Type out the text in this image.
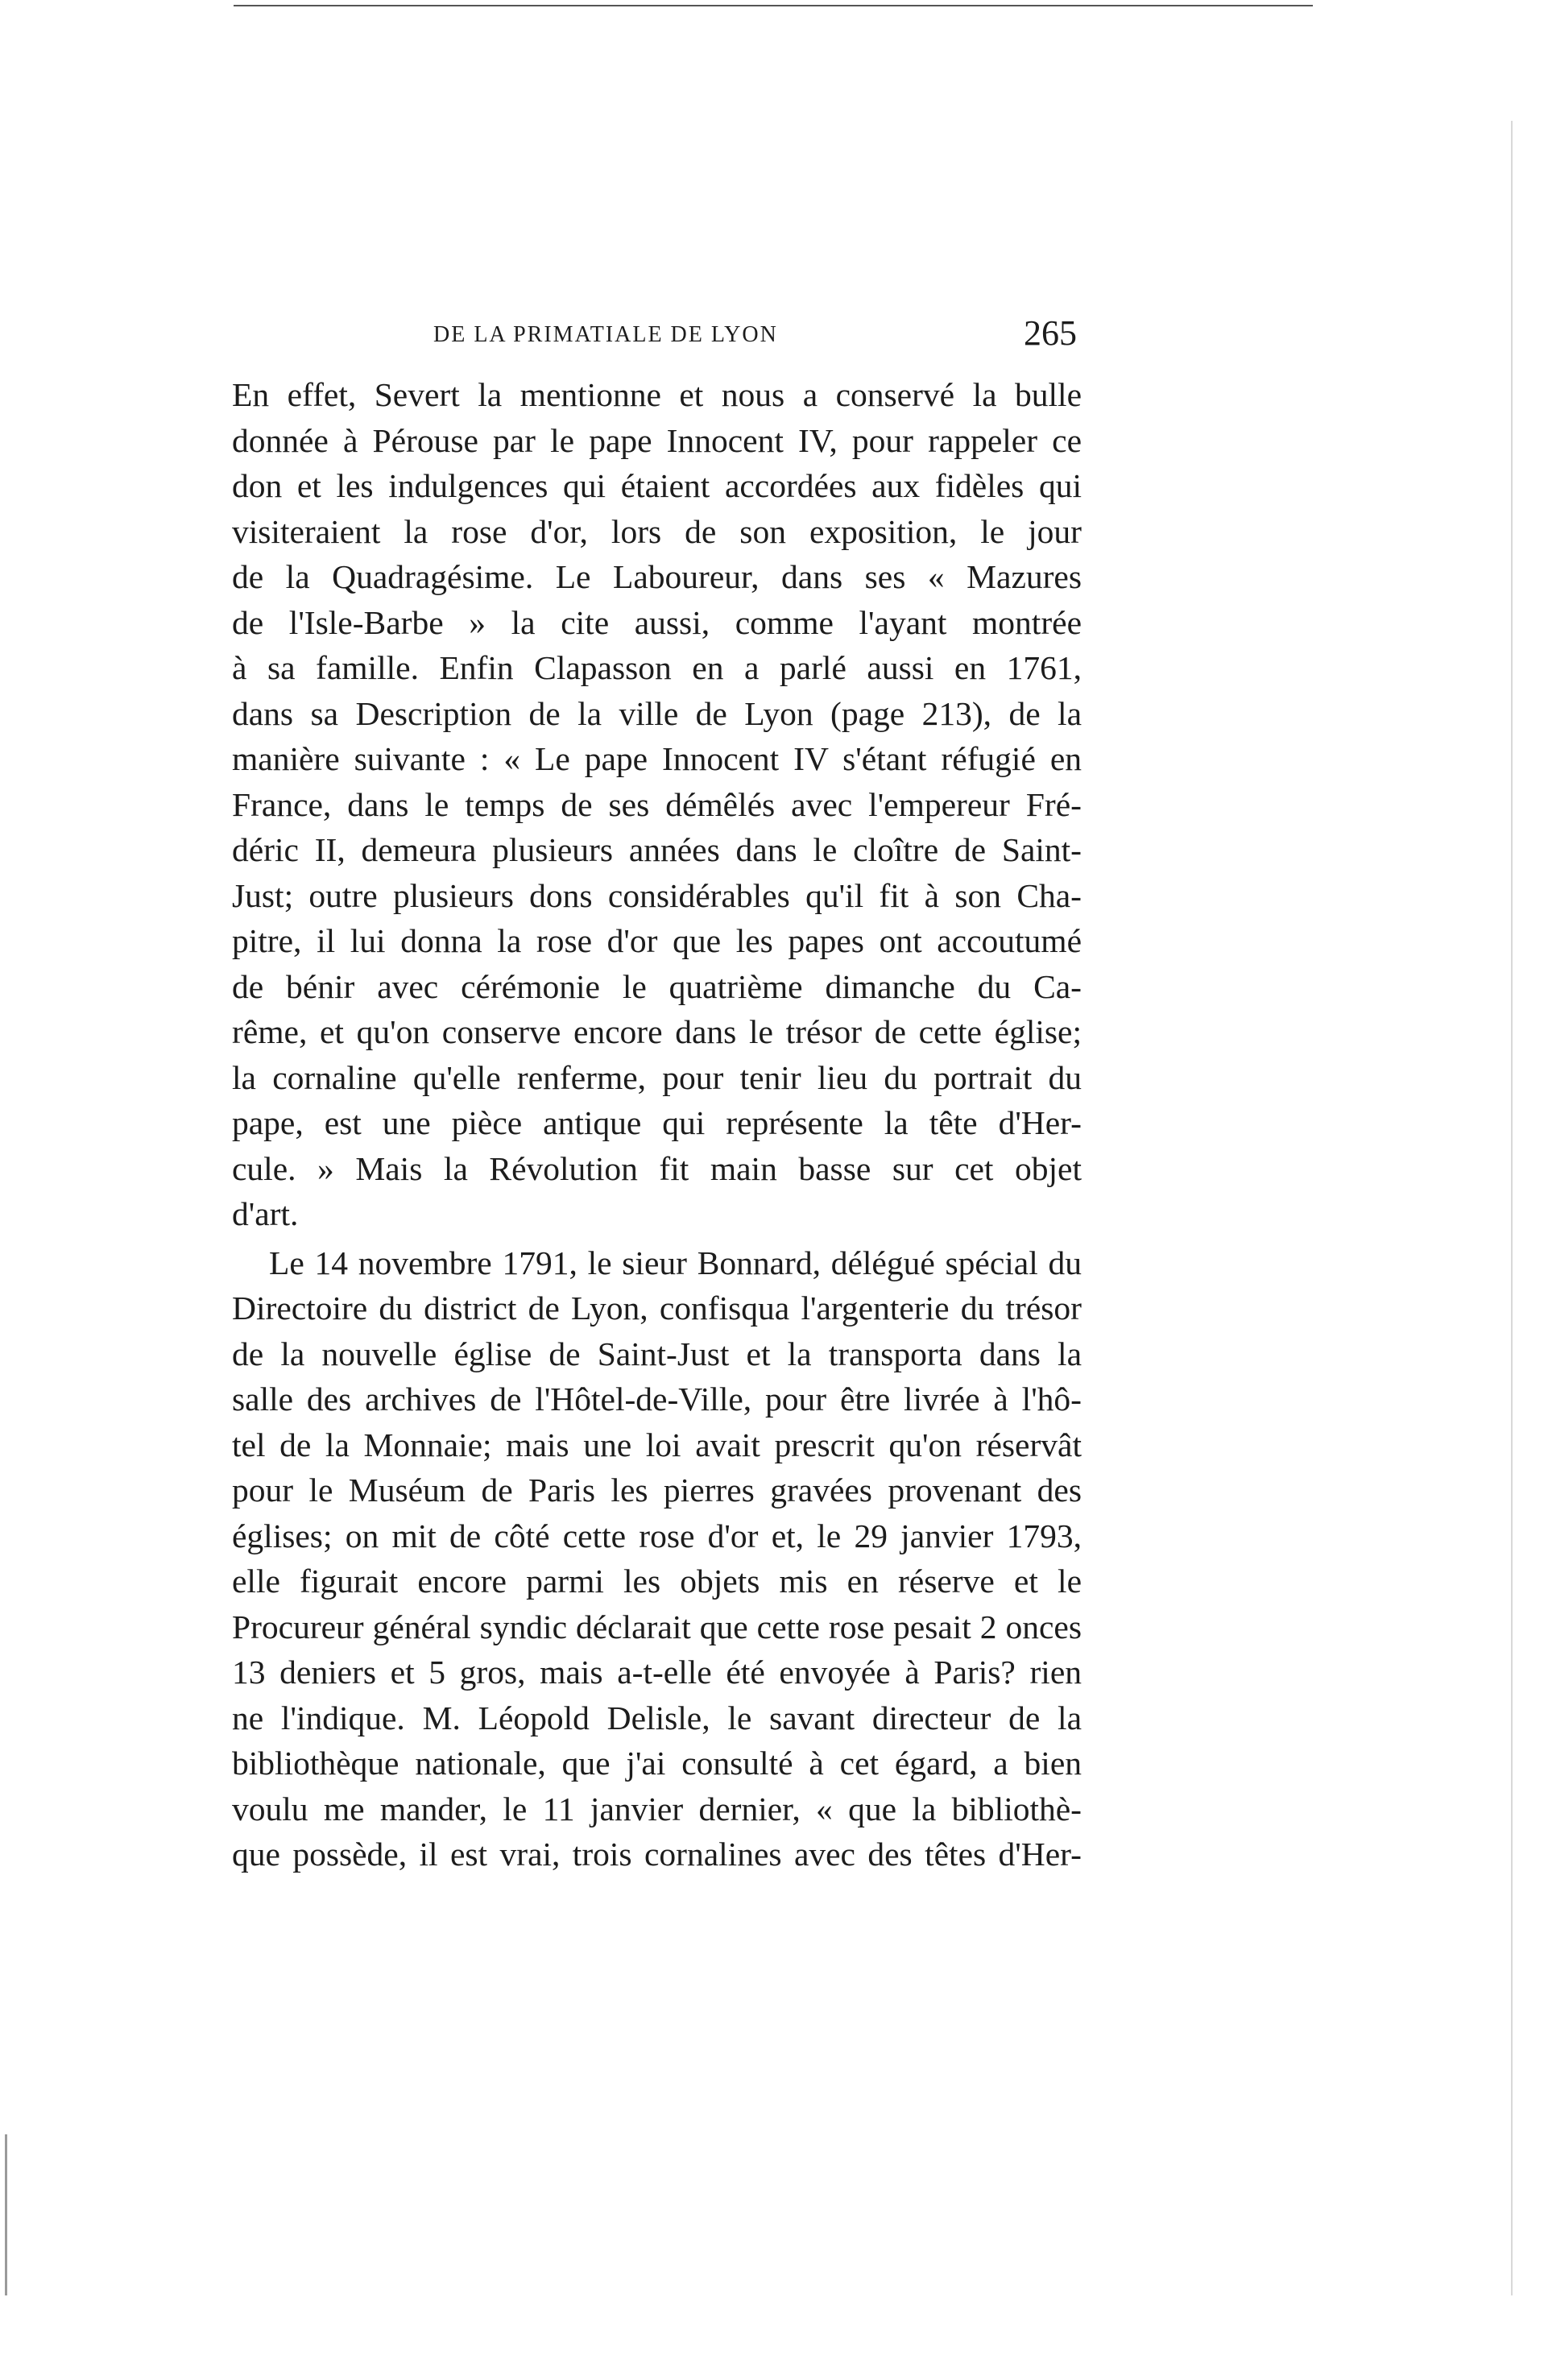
DE LA PRIMATIALE DE LYON	265
En effet, Severt la mentionne et nous a conservé la bulle
donnée à Pérouse par le pape Innocent IV, pour rappeler ce
don et les indulgences qui étaient accordées aux fidèles qui
visiteraient la rose d'or, lors de son exposition, le jour
de la Quadragésime. Le Laboureur, dans ses « Mazures
de l'Isle-Barbe » la cite aussi, comme l'ayant montrée
à sa famille. Enfin Clapasson en a parlé aussi en 1761,
dans sa Description de la ville de Lyon (page 213), de la
manière suivante : « Le pape Innocent IV s'étant réfugié en
France, dans le temps de ses démêlés avec l'empereur Fré-
déric II, demeura plusieurs années dans le cloître de Saint-
Just; outre plusieurs dons considérables qu'il fit à son Cha-
pitre, il lui donna la rose d'or que les papes ont accoutumé
de bénir avec cérémonie le quatrième dimanche du Ca-
rême, et qu'on conserve encore dans le trésor de cette église;
la cornaline qu'elle renferme, pour tenir lieu du portrait du
pape, est une pièce antique qui représente la tête d'Her-
cule. » Mais la Révolution fit main basse sur cet objet
d'art.
Le 14 novembre 1791, le sieur Bonnard, délégué spécial du
Directoire du district de Lyon, confisqua l'argenterie du trésor
de la nouvelle église de Saint-Just et la transporta dans la
salle des archives de l'Hôtel-de-Ville, pour être livrée à l'hô-
tel de la Monnaie; mais une loi avait prescrit qu'on réservât
pour le Muséum de Paris les pierres gravées provenant des
églises; on mit de côté cette rose d'or et, le 29 janvier 1793,
elle figurait encore parmi les objets mis en réserve et le
Procureur général syndic déclarait que cette rose pesait 2 onces
13 deniers et 5 gros, mais a-t-elle été envoyée à Paris? rien
ne l'indique. M. Léopold Delisle, le savant directeur de la
bibliothèque nationale, que j'ai consulté à cet égard, a bien
voulu me mander, le 11 janvier dernier, « que la bibliothè-
que possède, il est vrai, trois cornalines avec des têtes d'Her-
